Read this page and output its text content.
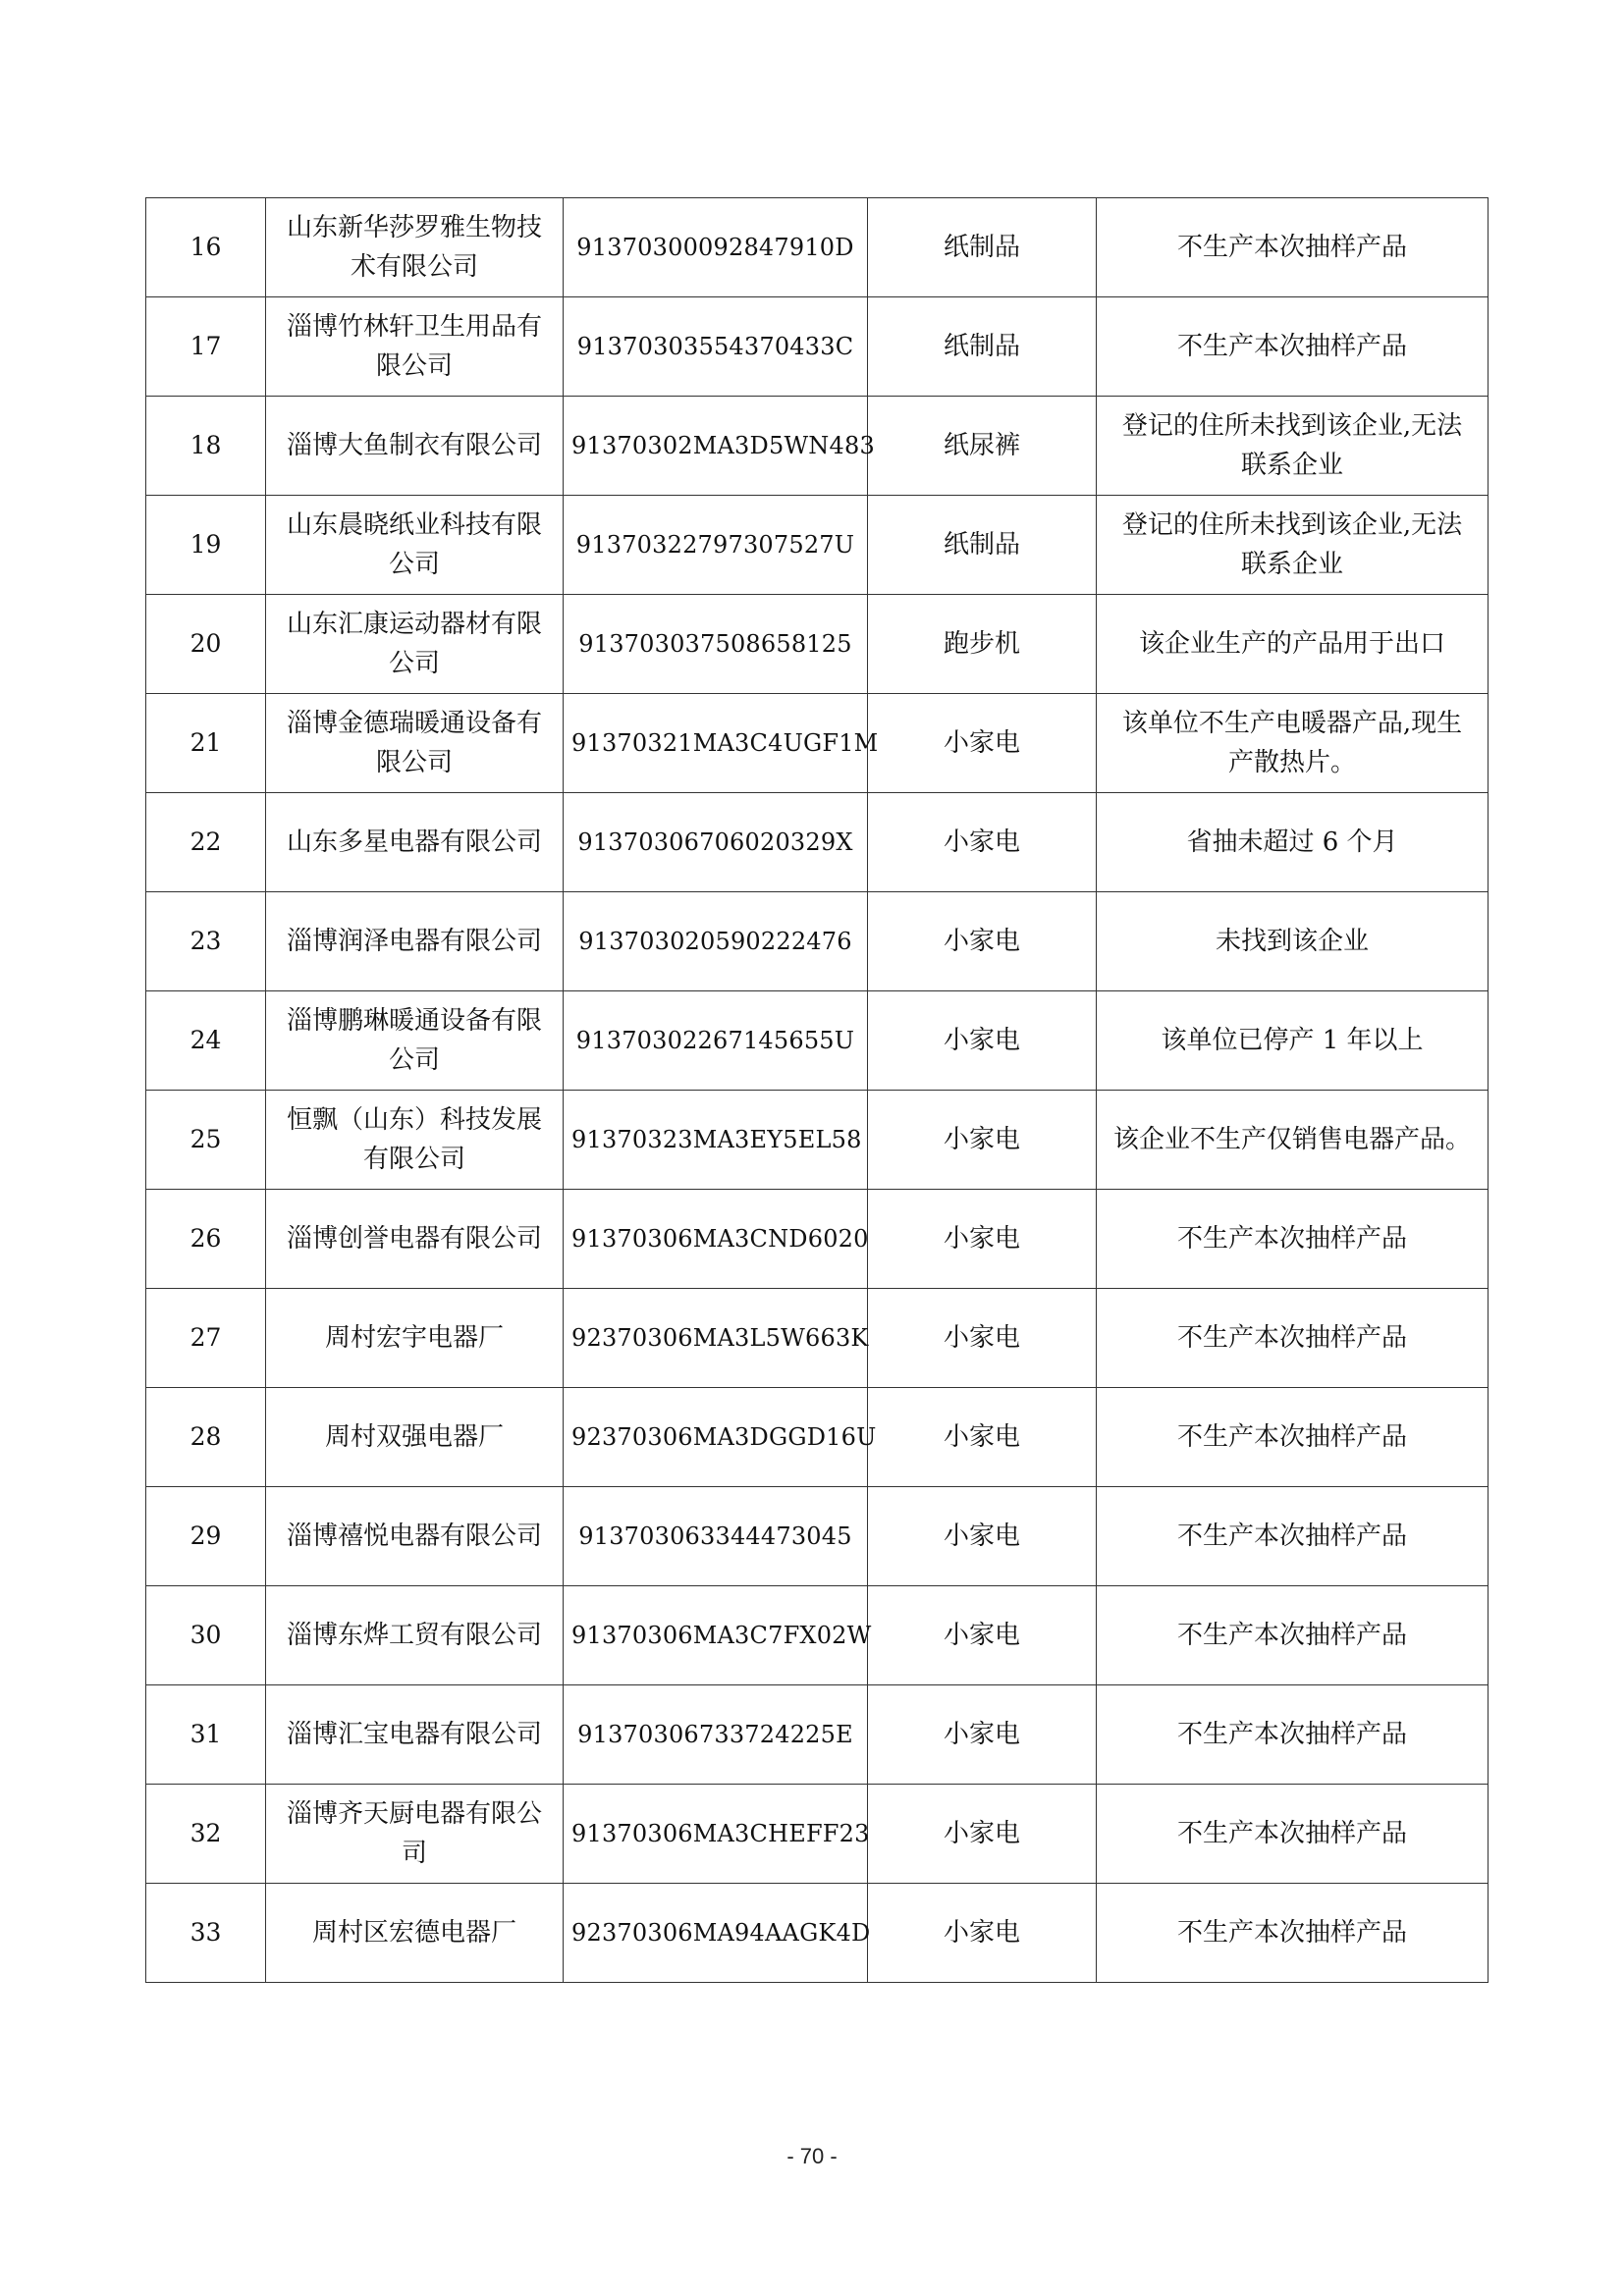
16	山东新华莎罗雅生物技术有限公司	91370300092847910D	纸制品	不生产本次抽样产品
17	淄博竹林轩卫生用品有限公司	91370303554370433C	纸制品	不生产本次抽样产品
18	淄博大鱼制衣有限公司	91370302MA3D5WN483	纸尿裤	登记的住所未找到该企业,无法联系企业
19	山东晨晓纸业科技有限公司	91370322797307527U	纸制品	登记的住所未找到该企业,无法联系企业
20	山东汇康运动器材有限公司	913703037508658125	跑步机	该企业生产的产品用于出口
21	淄博金德瑞暖通设备有限公司	91370321MA3C4UGF1M	小家电	该单位不生产电暖器产品,现生产散热片。
22	山东多星电器有限公司	91370306706020329X	小家电	省抽未超过 6 个月
23	淄博润泽电器有限公司	913703020590222476	小家电	未找到该企业
24	淄博鹏琳暖通设备有限公司	91370302267145655U	小家电	该单位已停产 1 年以上
25	恒飘（山东）科技发展有限公司	91370323MA3EY5EL58	小家电	该企业不生产仅销售电器产品。
26	淄博创誉电器有限公司	91370306MA3CND6020	小家电	不生产本次抽样产品
27	周村宏宇电器厂	92370306MA3L5W663K	小家电	不生产本次抽样产品
28	周村双强电器厂	92370306MA3DGGD16U	小家电	不生产本次抽样产品
29	淄博禧悦电器有限公司	913703063344473045	小家电	不生产本次抽样产品
30	淄博东烨工贸有限公司	91370306MA3C7FX02W	小家电	不生产本次抽样产品
31	淄博汇宝电器有限公司	91370306733724225E	小家电	不生产本次抽样产品
32	淄博齐天厨电器有限公司	91370306MA3CHEFF23	小家电	不生产本次抽样产品
33	周村区宏德电器厂	92370306MA94AAGK4D	小家电	不生产本次抽样产品
- 70 -
